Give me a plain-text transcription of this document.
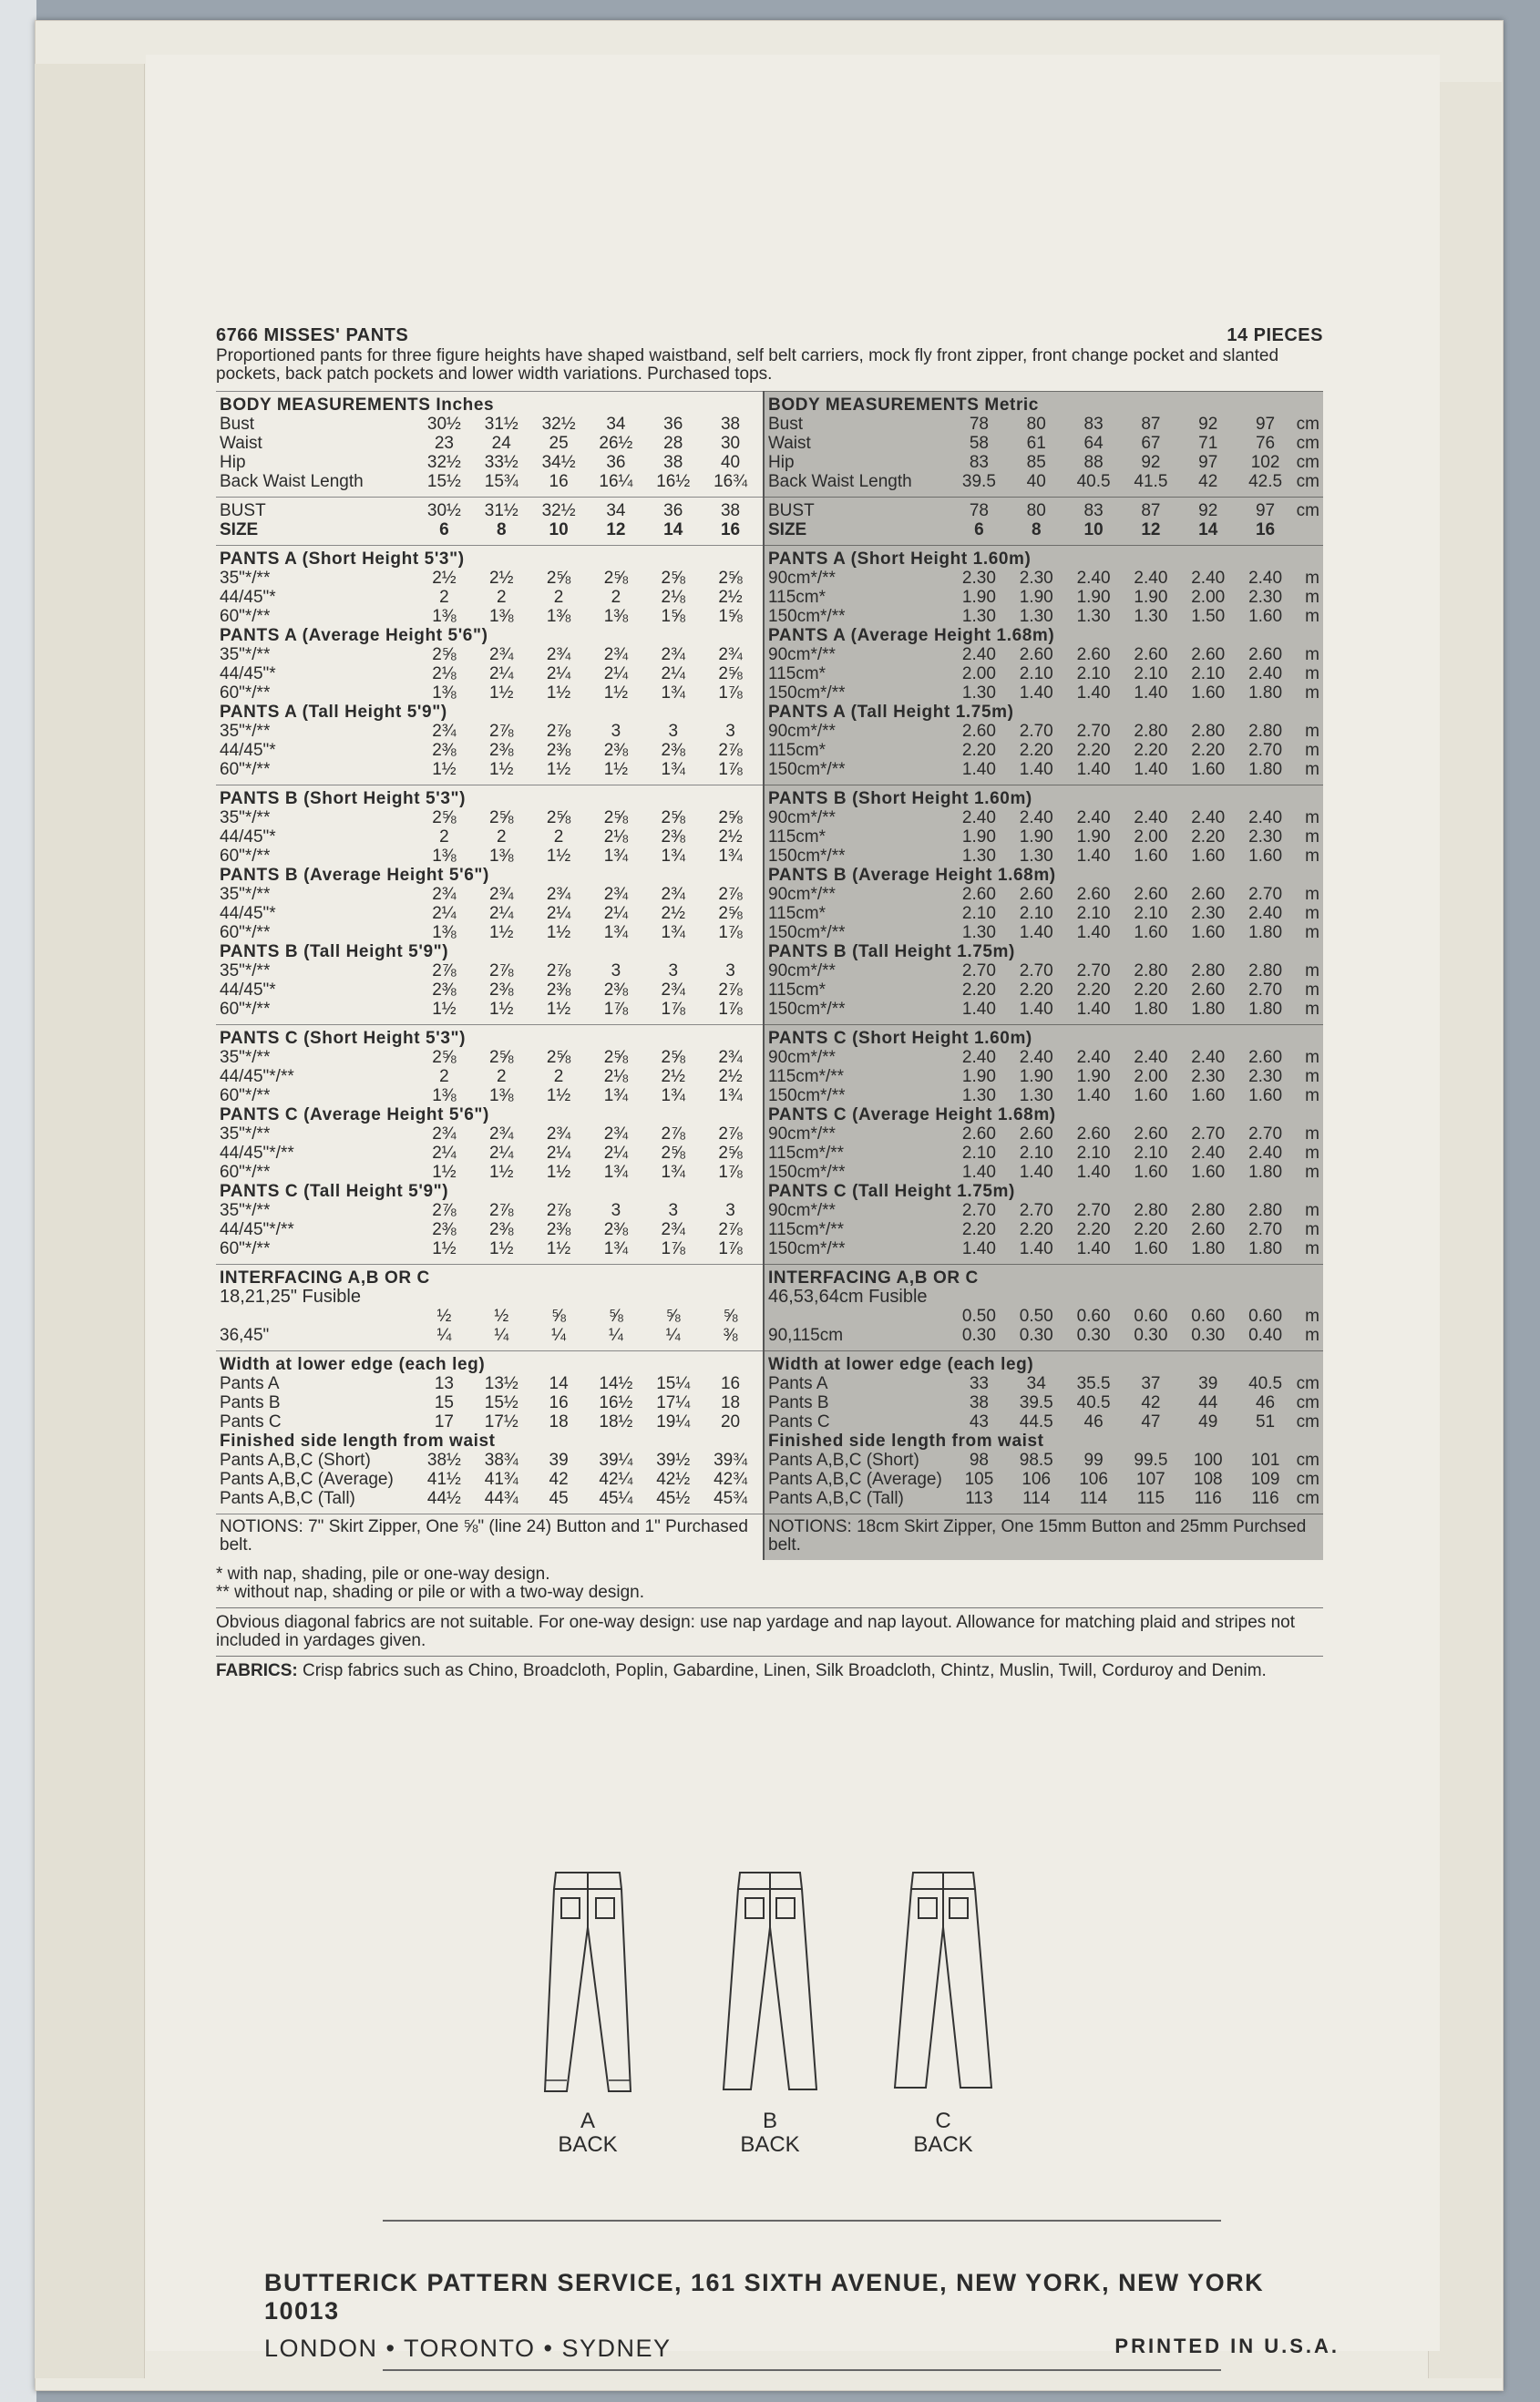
6766 MISSES' PANTS	14 PIECES
Proportioned pants for three figure heights have shaped waistband, self belt carriers, mock fly front zipper, front change pocket and slanted pockets, back patch pockets and lower width variations. Purchased tops.
BODY MEASUREMENTS Inches
Bust	30½	31½	32½	34	36	38
Waist	23	24	25	26½	28	30
Hip	32½	33½	34½	36	38	40
Back Waist Length	15½	15¾	16	16¼	16½	16¾
BUST	30½	31½	32½	34	36	38
SIZE	6	8	10	12	14	16
PANTS A (Short Height 5'3")
35"*/**	2½	2½	2⅝	2⅝	2⅝	2⅝
44/45"*	2	2	2	2	2⅛	2½
60"*/**	1⅜	1⅜	1⅜	1⅜	1⅝	1⅝
PANTS A (Average Height 5'6")
35"*/**	2⅝	2¾	2¾	2¾	2¾	2¾
44/45"*	2⅛	2¼	2¼	2¼	2¼	2⅝
60"*/**	1⅜	1½	1½	1½	1¾	1⅞
PANTS A (Tall Height 5'9")
35"*/**	2¾	2⅞	2⅞	3	3	3
44/45"*	2⅜	2⅜	2⅜	2⅜	2⅜	2⅞
60"*/**	1½	1½	1½	1½	1¾	1⅞
PANTS B (Short Height 5'3")
35"*/**	2⅝	2⅝	2⅝	2⅝	2⅝	2⅝
44/45"*	2	2	2	2⅛	2⅜	2½
60"*/**	1⅜	1⅜	1½	1¾	1¾	1¾
PANTS B (Average Height 5'6")
35"*/**	2¾	2¾	2¾	2¾	2¾	2⅞
44/45"*	2¼	2¼	2¼	2¼	2½	2⅝
60"*/**	1⅜	1½	1½	1¾	1¾	1⅞
PANTS B (Tall Height 5'9")
35"*/**	2⅞	2⅞	2⅞	3	3	3
44/45"*	2⅜	2⅜	2⅜	2⅜	2¾	2⅞
60"*/**	1½	1½	1½	1⅞	1⅞	1⅞
PANTS C (Short Height 5'3")
35"*/**	2⅝	2⅝	2⅝	2⅝	2⅝	2¾
44/45"*/**	2	2	2	2⅛	2½	2½
60"*/**	1⅜	1⅜	1½	1¾	1¾	1¾
PANTS C (Average Height 5'6")
35"*/**	2¾	2¾	2¾	2¾	2⅞	2⅞
44/45"*/**	2¼	2¼	2¼	2¼	2⅝	2⅝
60"*/**	1½	1½	1½	1¾	1¾	1⅞
PANTS C (Tall Height 5'9")
35"*/**	2⅞	2⅞	2⅞	3	3	3
44/45"*/**	2⅜	2⅜	2⅜	2⅜	2¾	2⅞
60"*/**	1½	1½	1½	1¾	1⅞	1⅞
INTERFACING A,B OR C
18,21,25" Fusible
½	½	⅝	⅝	⅝	⅝
36,45"	¼	¼	¼	¼	¼	⅜
Width at lower edge (each leg)
Pants A	13	13½	14	14½	15¼	16
Pants B	15	15½	16	16½	17¼	18
Pants C	17	17½	18	18½	19¼	20
Finished side length from waist
Pants A,B,C (Short)	38½	38¾	39	39¼	39½	39¾
Pants A,B,C (Average)	41½	41¾	42	42¼	42½	42¾
Pants A,B,C (Tall)	44½	44¾	45	45¼	45½	45¾
NOTIONS: 7" Skirt Zipper, One ⅝" (line 24) Button and 1" Purchased belt.
BODY MEASUREMENTS Metric
Bust	78	80	83	87	92	97	cm
Waist	58	61	64	67	71	76	cm
Hip	83	85	88	92	97	102 cm
Back Waist Length	39.5	40	40.5	41.5	42	42.5 cm
BUST	78	80	83	87	92	97	cm
SIZE	6	8	10	12	14	16
PANTS A (Short Height 1.60m)
90cm*/**	2.30	2.30	2.40	2.40	2.40	2.40	m
115cm*	1.90	1.90	1.90	1.90	2.00	2.30	m
150cm*/**	1.30	1.30	1.30	1.30	1.50	1.60	m
PANTS A (Average Height 1.68m)
90cm*/**	2.40	2.60	2.60	2.60	2.60	2.60	m
115cm*	2.00	2.10	2.10	2.10	2.10	2.40	m
150cm*/**	1.30	1.40	1.40	1.40	1.60	1.80	m
PANTS A (Tall Height 1.75m)
90cm*/**	2.60	2.70	2.70	2.80	2.80	2.80	m
115cm*	2.20	2.20	2.20	2.20	2.20	2.70	m
150cm*/**	1.40	1.40	1.40	1.40	1.60	1.80	m
PANTS B (Short Height 1.60m)
90cm*/**	2.40	2.40	2.40	2.40	2.40	2.40	m
115cm*	1.90	1.90	1.90	2.00	2.20	2.30	m
150cm*/**	1.30	1.30	1.40	1.60	1.60	1.60	m
PANTS B (Average Height 1.68m)
90cm*/**	2.60	2.60	2.60	2.60	2.60	2.70	m
115cm*	2.10	2.10	2.10	2.10	2.30	2.40	m
150cm*/**	1.30	1.40	1.40	1.60	1.60	1.80	m
PANTS B (Tall Height 1.75m)
90cm*/**	2.70	2.70	2.70	2.80	2.80	2.80	m
115cm*	2.20	2.20	2.20	2.20	2.60	2.70	m
150cm*/**	1.40	1.40	1.40	1.80	1.80	1.80	m
PANTS C (Short Height 1.60m)
90cm*/**	2.40	2.40	2.40	2.40	2.40	2.60	m
115cm*/**	1.90	1.90	1.90	2.00	2.30	2.30	m
150cm*/**	1.30	1.30	1.40	1.60	1.60	1.60	m
PANTS C (Average Height 1.68m)
90cm*/**	2.60	2.60	2.60	2.60	2.70	2.70	m
115cm*/**	2.10	2.10	2.10	2.10	2.40	2.40	m
150cm*/**	1.40	1.40	1.40	1.60	1.60	1.80	m
PANTS C (Tall Height 1.75m)
90cm*/**	2.70	2.70	2.70	2.80	2.80	2.80	m
115cm*/**	2.20	2.20	2.20	2.20	2.60	2.70	m
150cm*/**	1.40	1.40	1.40	1.60	1.80	1.80	m
INTERFACING A,B OR C
46,53,64cm Fusible
0.50	0.50	0.60	0.60	0.60	0.60	m
90,115cm	0.30	0.30	0.30	0.30	0.30	0.40	m
Width at lower edge (each leg)
Pants A	33	34	35.5	37	39	40.5 cm
Pants B	38	39.5	40.5	42	44	46	cm
Pants C	43	44.5	46	47	49	51	cm
Finished side length from waist
Pants A,B,C (Short)	98	98.5	99	99.5	100	101 cm
Pants A,B,C (Average)	105	106	106	107	108	109 cm
Pants A,B,C (Tall)	113	114	114	115	116	116 cm
NOTIONS: 18cm Skirt Zipper, One 15mm Button and 25mm Purchsed belt.
* with nap, shading, pile or one-way design.
** without nap, shading or pile or with a two-way design.
Obvious diagonal fabrics are not suitable. For one-way design: use nap yardage and nap layout. Allowance for matching plaid and stripes not included in yardages given.
FABRICS: Crisp fabrics such as Chino, Broadcloth, Poplin, Gabardine, Linen, Silk Broadcloth, Chintz, Muslin, Twill, Corduroy and Denim.
A
BACK
B
BACK
C
BACK
BUTTERICK PATTERN SERVICE, 161 SIXTH AVENUE, NEW YORK, NEW YORK 10013
LONDON • TORONTO • SYDNEY	PRINTED IN U.S.A.
